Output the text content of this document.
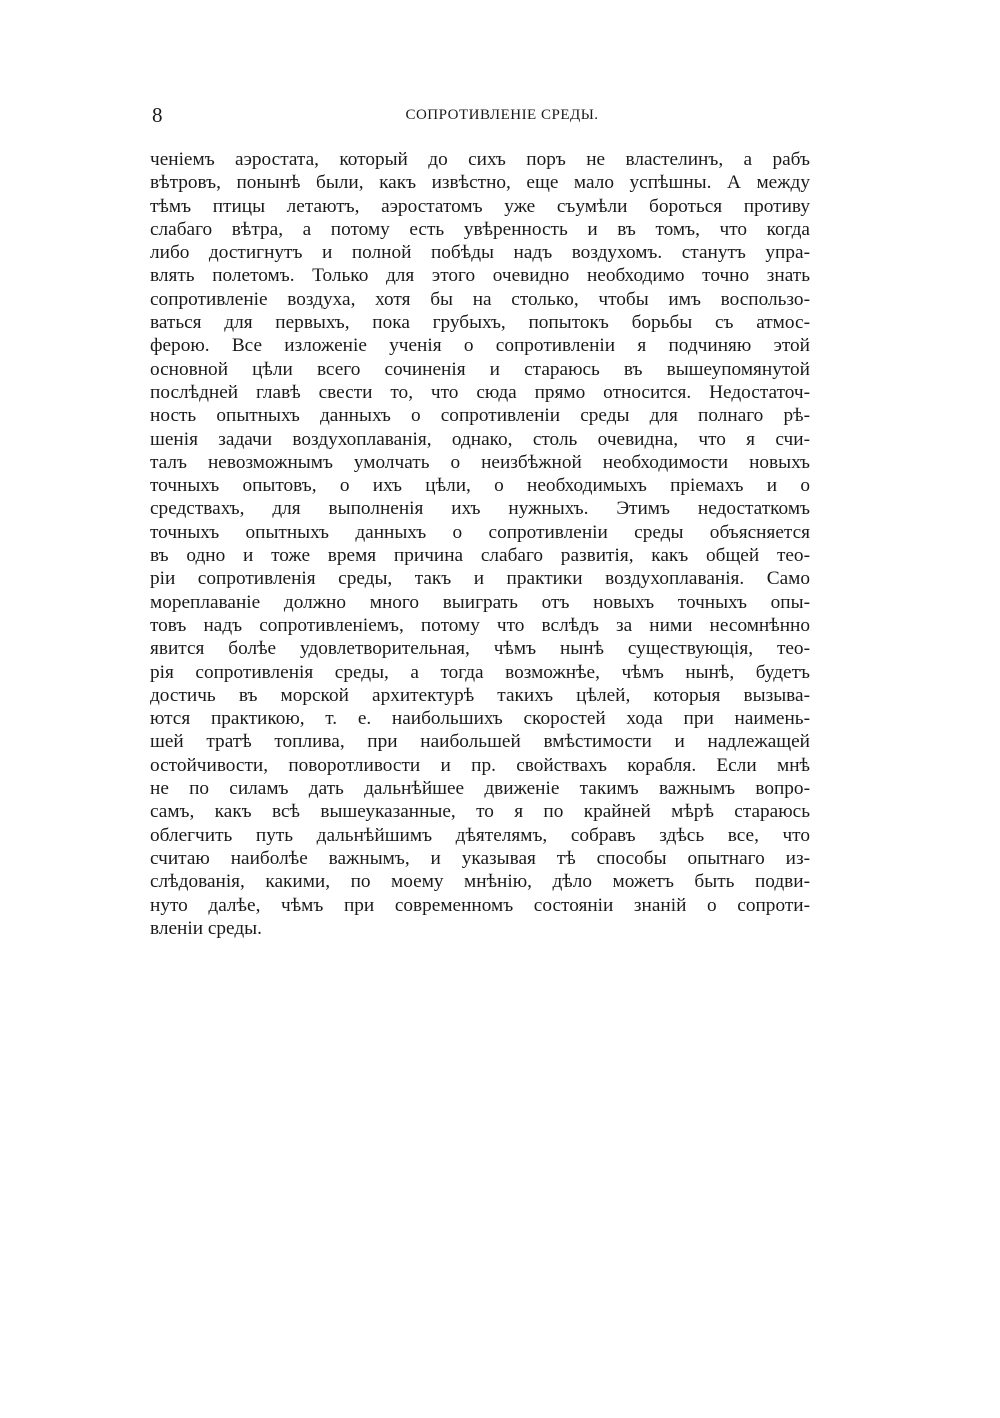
8	СОПРОТИВЛЕНІЕ СРЕДЫ.
ченіемъ аэростата, который до сихъ поръ не властелинъ, а рабъ
вѣтровъ, понынѣ были, какъ извѣстно, еще мало успѣшны. А между
тѣмъ птицы летаютъ, аэростатомъ уже съумѣли бороться противу
слабаго вѣтра, а потому есть увѣренность и въ томъ, что когда
либо достигнутъ и полной побѣды надъ воздухомъ. станутъ упра-
влять полетомъ. Только для этого очевидно необходимо точно знать
сопротивленіе воздуха, хотя бы на столько, чтобы имъ воспользо-
ваться для первыхъ, пока грубыхъ, попытокъ борьбы съ атмос-
ферою. Все изложеніе ученія о сопротивленіи я подчиняю этой
основной цѣли всего сочиненія и стараюсь въ вышеупомянутой
послѣдней главѣ свести то, что сюда прямо относится. Недостаточ-
ность опытныхъ данныхъ о сопротивленіи среды для полнаго рѣ-
шенія задачи воздухоплаванія, однако, столь очевидна, что я счи-
талъ невозможнымъ умолчать о неизбѣжной необходимости новыхъ
точныхъ опытовъ, о ихъ цѣли, о необходимыхъ пріемахъ и о
средствахъ, для выполненія ихъ нужныхъ. Этимъ недостаткомъ
точныхъ опытныхъ данныхъ о сопротивленіи среды объясняется
въ одно и тоже время причина слабаго развитія, какъ общей тео-
ріи сопротивленія среды, такъ и практики воздухоплаванія. Само
мореплаваніе должно много выиграть отъ новыхъ точныхъ опы-
товъ надъ сопротивленіемъ, потому что вслѣдъ за ними несомнѣнно
явится болѣе удовлетворительная, чѣмъ нынѣ существующія, тео-
рія сопротивленія среды, а тогда возможнѣе, чѣмъ нынѣ, будетъ
достичь въ морской архитектурѣ такихъ цѣлей, которыя вызыва-
ются практикою, т. е. наибольшихъ скоростей хода при наимень-
шей тратѣ топлива, при наибольшей вмѣстимости и надлежащей
остойчивости, поворотливости и пр. свойствахъ корабля. Если мнѣ
не по силамъ дать дальнѣйшее движеніе такимъ важнымъ вопро-
самъ, какъ всѣ вышеуказанные, то я по крайней мѣрѣ стараюсь
облегчить путь дальнѣйшимъ дѣятелямъ, собравъ здѣсь все, что
считаю наиболѣе важнымъ, и указывая тѣ способы опытнаго из-
слѣдованія, какими, по моему мнѣнію, дѣло можетъ быть подви-
нуто далѣе, чѣмъ при современномъ состояніи знаній о сопроти-
вленіи среды.
